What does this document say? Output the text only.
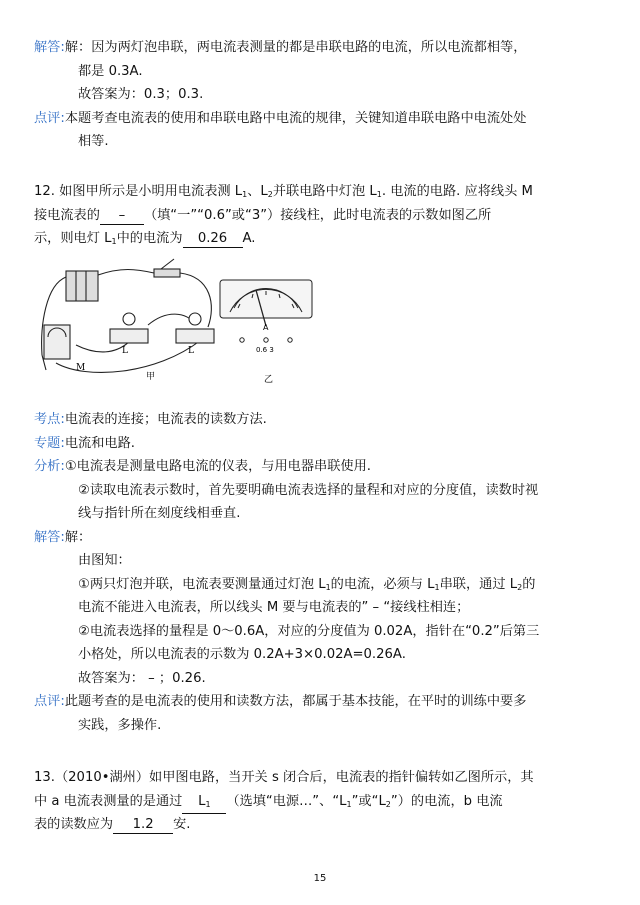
解答:解：因为两灯泡串联，两电流表测量的都是串联电路的电流，所以电流都相等，
都是 0.3A.
故答案为：0.3；0.3.
点评:本题考查电流表的使用和串联电路中电流的规律，关键知道串联电路中电流处处
相等.
12. 如图甲所示是小明用电流表测 $L_1$、$L_2$并联电路中灯泡 $L_1$. 电流的电路. 应将线头 M
接电流表的 – （填“一”“0.6”或“3”）接线柱，此时电流表的示数如图乙所
示，则电灯 $L_1$中的电流为 0.26 A.
L	L
M
甲
A
0.6 3
乙
考点:电流表的连接；电流表的读数方法.
专题:电流和电路.
分析:①电流表是测量电路电流的仪表，与用电器串联使用.
②读取电流表示数时，首先要明确电流表选择的量程和对应的分度值，读数时视
线与指针所在刻度线相垂直.
解答:解：
由图知：
①两只灯泡并联，电流表要测量通过灯泡 $L_1$的电流，必须与 $L_1$串联，通过 $L_2$的
电流不能进入电流表，所以线头 M 要与电流表的” – “接线柱相连；
②电流表选择的量程是 0～0.6A，对应的分度值为 0.02A，指针在“0.2”后第三
小格处，所以电流表的示数为 0.2A+3×0.02A=0.26A.
故答案为： – ；0.26.
点评:此题考查的是电流表的使用和读数方法，都属于基本技能，在平时的训练中要多
实践，多操作.
13.（2010•湖州）如甲图电路，当开关 s 闭合后，电流表的指针偏转如乙图所示，其
中 a 电流表测量的是通过 $L_1$ （选填“电源…”、“$L_1$”或“$L_2$”）的电流，b 电流
表的读数应为 1.2 安.
15
